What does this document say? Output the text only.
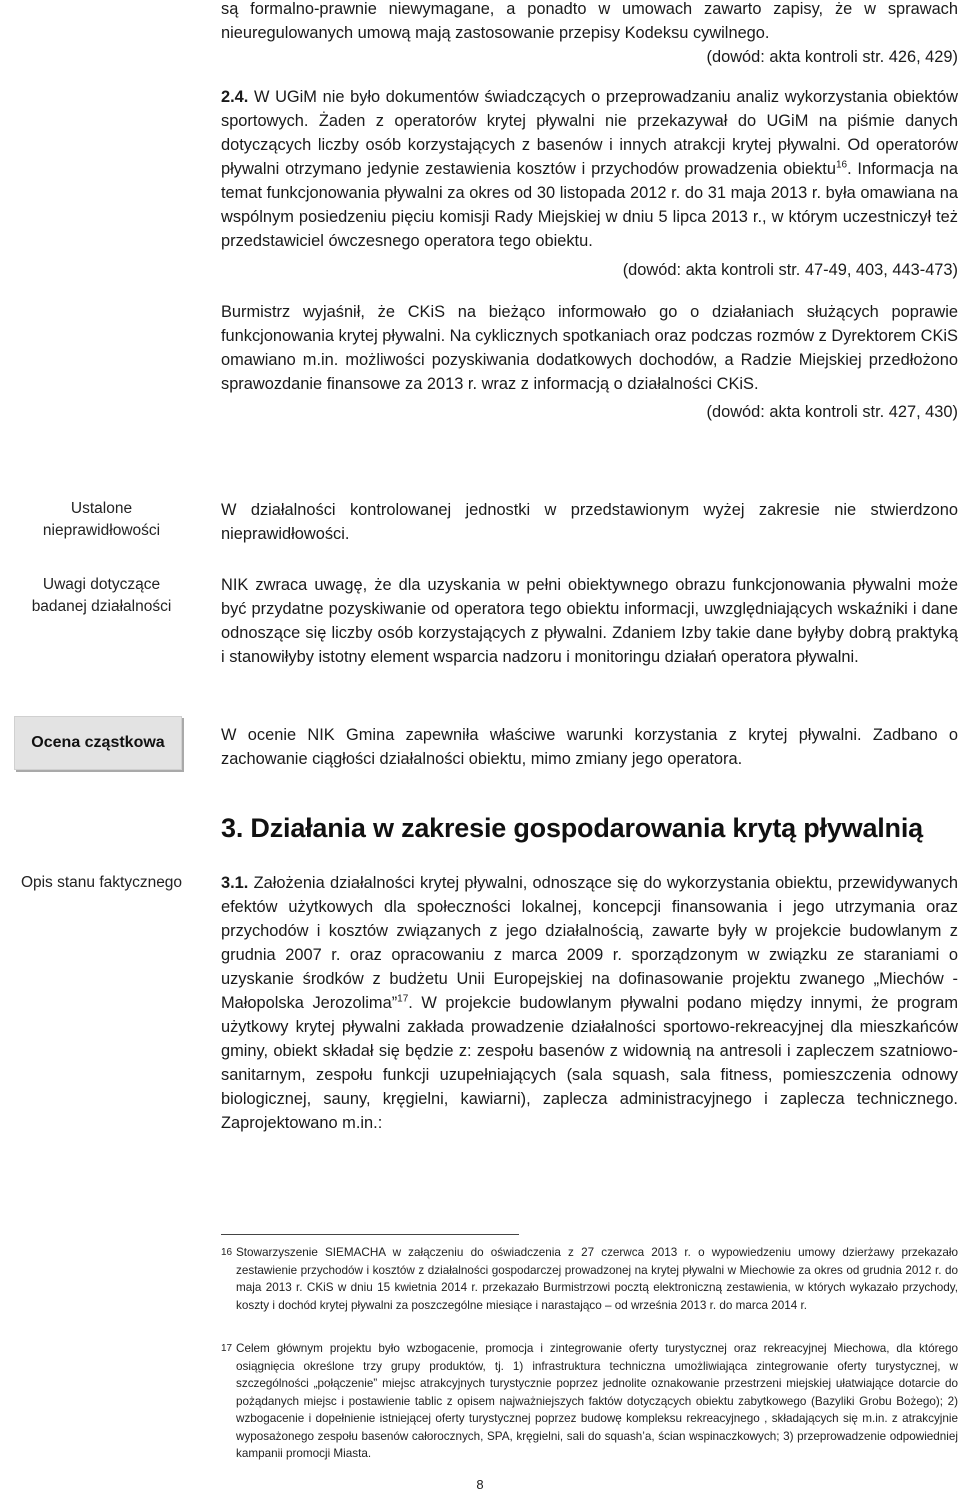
są formalno-prawnie niewymagane, a ponadto w umowach zawarto zapisy, że w sprawach nieuregulowanych umową mają zastosowanie przepisy Kodeksu cywilnego.

(dowód: akta kontroli str. 426, 429)

2.4. W UGiM nie było dokumentów świadczących o przeprowadzaniu analiz wykorzystania obiektów sportowych. Żaden z operatorów krytej pływalni nie przekazywał do UGiM na piśmie danych dotyczących liczby osób korzystających z basenów i innych atrakcji krytej pływalni. Od operatorów pływalni otrzymano jedynie zestawienia kosztów i przychodów prowadzenia obiektu$^{16}$. Informacja na temat funkcjonowania pływalni za okres od 30 listopada 2012 r. do 31 maja 2013 r. była omawiana na wspólnym posiedzeniu pięciu komisji Rady Miejskiej w dniu 5 lipca 2013 r., w którym uczestniczył też przedstawiciel ówczesnego operatora tego obiektu.

(dowód: akta kontroli str. 47-49, 403, 443-473)

Burmistrz wyjaśnił, że CKiS na bieżąco informowało go o działaniach służących poprawie funkcjonowania krytej pływalni. Na cyklicznych spotkaniach oraz podczas rozmów z Dyrektorem CKiS omawiano m.in. możliwości pozyskiwania dodatkowych dochodów, a Radzie Miejskiej przedłożono sprawozdanie finansowe za 2013 r. wraz z informacją o działalności CKiS.

(dowód: akta kontroli str. 427, 430)

Ustalone nieprawidłowości
Uwagi dotyczące badanej działalności
Ocena cząstkowa
Opis stanu faktycznego

W działalności kontrolowanej jednostki w przedstawionym wyżej zakresie nie stwierdzono nieprawidłowości.

NIK zwraca uwagę, że dla uzyskania w pełni obiektywnego obrazu funkcjonowania pływalni może być przydatne pozyskiwanie od operatora tego obiektu informacji, uwzględniających wskaźniki i dane odnoszące się liczby osób korzystających z pływalni. Zdaniem Izby takie dane byłyby dobrą praktyką i stanowiłyby istotny element wsparcia nadzoru i monitoringu działań operatora pływalni.

W ocenie NIK Gmina zapewniła właściwe warunki korzystania z krytej pływalni. Zadbano o zachowanie ciągłości działalności obiektu, mimo zmiany jego operatora.

3. Działania w zakresie gospodarowania krytą pływalnią

3.1. Założenia działalności krytej pływalni, odnoszące się do wykorzystania obiektu, przewidywanych efektów użytkowych dla społeczności lokalnej, koncepcji finansowania i jego utrzymania oraz przychodów i kosztów związanych z jego działalnością, zawarte były w projekcie budowlanym z grudnia 2007 r. oraz opracowaniu z marca 2009 r. sporządzonym w związku ze staraniami o uzyskanie środków z budżetu Unii Europejskiej na dofinasowanie projektu zwanego „Miechów - Małopolska Jerozolima”$^{17}$. W projekcie budowlanym pływalni podano między innymi, że program użytkowy krytej pływalni zakłada prowadzenie działalności sportowo-rekreacyjnej dla mieszkańców gminy, obiekt składał się będzie z: zespołu basenów z widownią na antresoli i zapleczem szatniowo-sanitarnym, zespołu funkcji uzupełniających (sala squash, sala fitness, pomieszczenia odnowy biologicznej, sauny, kręgielni, kawiarni), zaplecza administracyjnego i zaplecza technicznego. Zaprojektowano m.in.:

16 Stowarzyszenie SIEMACHA w załączeniu do oświadczenia z 27 czerwca 2013 r. o wypowiedzeniu umowy dzierżawy przekazało zestawienie przychodów i kosztów z działalności gospodarczej prowadzonej na krytej pływalni w Miechowie za okres od grudnia 2012 r. do maja 2013 r. CKiS w dniu 15 kwietnia 2014 r. przekazało Burmistrzowi pocztą elektroniczną zestawienia, w których wykazało przychody, koszty i dochód krytej pływalni za poszczególne miesiące i narastająco – od września 2013 r. do marca 2014 r.
17 Celem głównym projektu było wzbogacenie, promocja i zintegrowanie oferty turystycznej oraz rekreacyjnej Miechowa, dla którego osiągnięcia określone trzy grupy produktów, tj. 1) infrastruktura techniczna umożliwiająca zintegrowanie oferty turystycznej, w szczególności „połączenie” miejsc atrakcyjnych turystycznie poprzez jednolite oznakowanie przestrzeni miejskiej ułatwiające dotarcie do pożądanych miejsc i postawienie tablic z opisem najważniejszych faktów dotyczących obiektu zabytkowego (Bazyliki Grobu Bożego); 2) wzbogacenie i dopełnienie istniejącej oferty turystycznej poprzez budowę kompleksu rekreacyjnego , składających się m.in. z atrakcyjnie wyposażonego zespołu basenów całorocznych, SPA, kręgielni, sali do squash’a, ścian wspinaczkowych; 3) przeprowadzenie odpowiedniej kampanii promocji Miasta.
8
